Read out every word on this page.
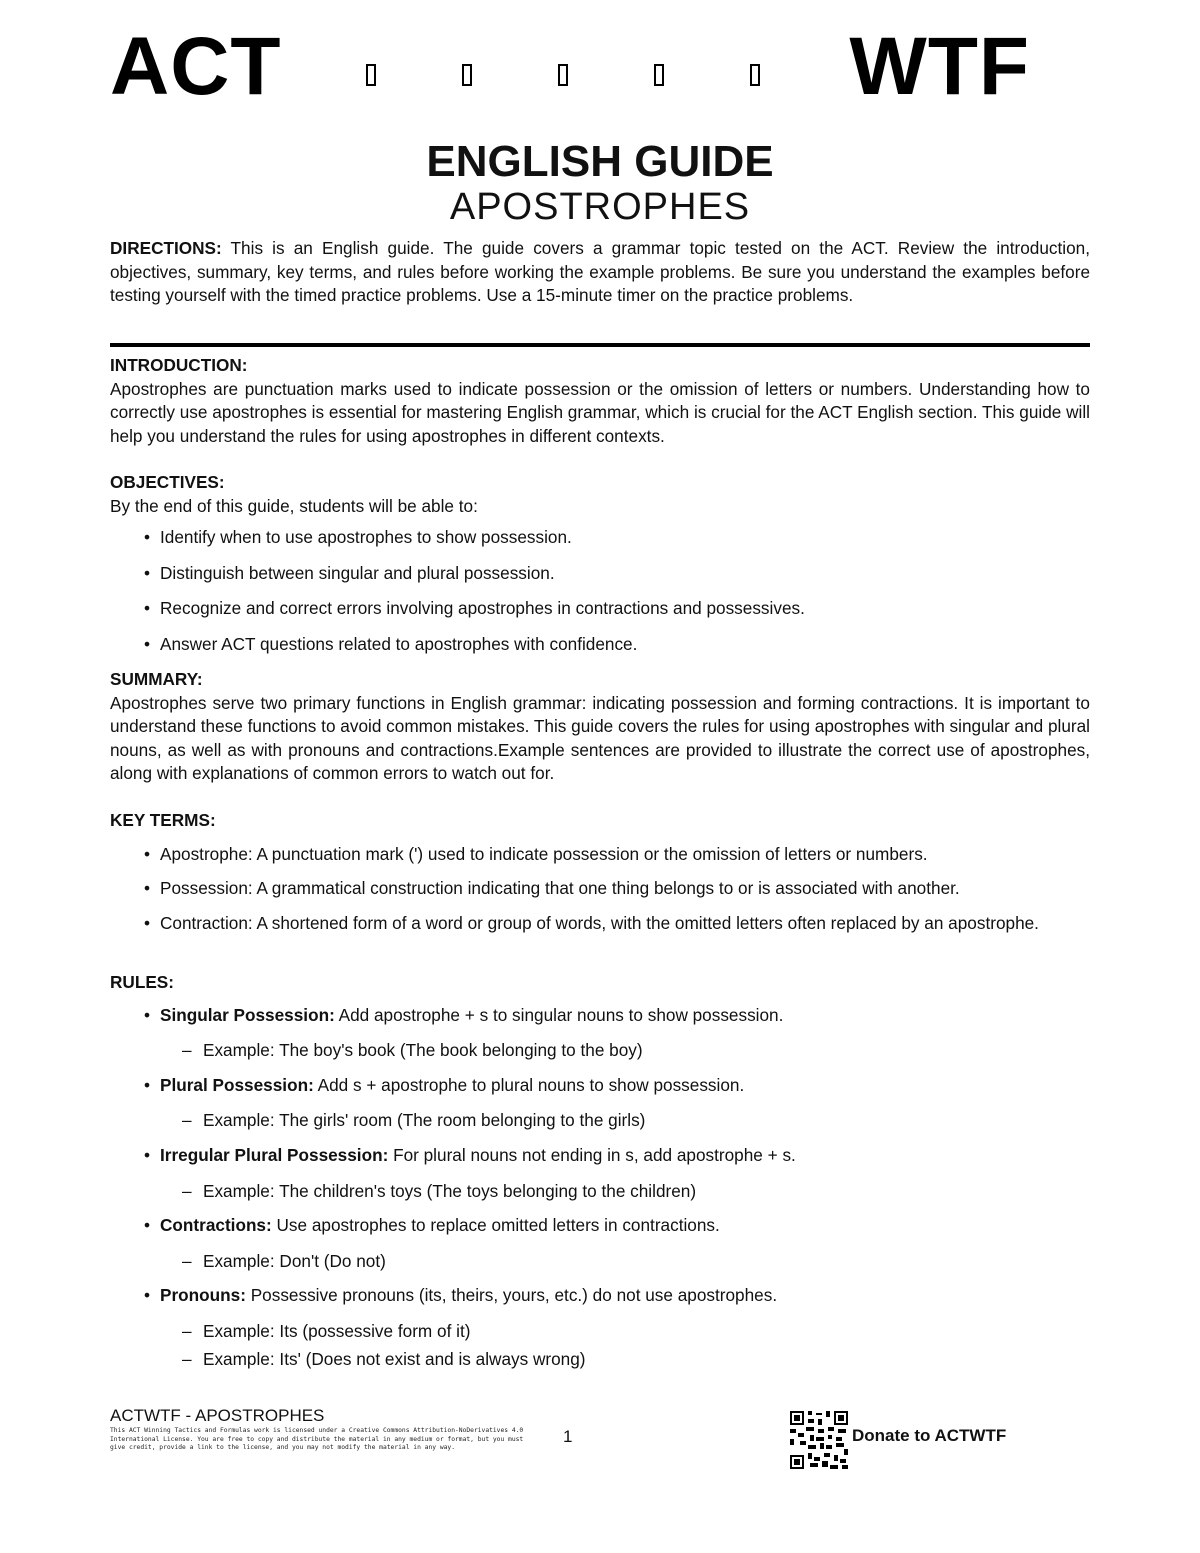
ACT	WTF
ENGLISH GUIDE
APOSTROPHES
DIRECTIONS: This is an English guide. The guide covers a grammar topic tested on the ACT. Review the introduction, objectives, summary, key terms, and rules before working the example problems. Be sure you understand the examples before testing yourself with the timed practice problems. Use a 15-minute timer on the practice problems.
INTRODUCTION:
Apostrophes are punctuation marks used to indicate possession or the omission of letters or numbers. Understanding how to correctly use apostrophes is essential for mastering English grammar, which is crucial for the ACT English section. This guide will help you understand the rules for using apostrophes in different contexts.
OBJECTIVES:
By the end of this guide, students will be able to:
• Identify when to use apostrophes to show possession.
• Distinguish between singular and plural possession.
• Recognize and correct errors involving apostrophes in contractions and possessives.
• Answer ACT questions related to apostrophes with confidence.
SUMMARY:
Apostrophes serve two primary functions in English grammar: indicating possession and forming contractions. It is important to understand these functions to avoid common mistakes. This guide covers the rules for using apostrophes with singular and plural nouns, as well as with pronouns and contractions.Example sentences are provided to illustrate the correct use of apostrophes, along with explanations of common errors to watch out for.
KEY TERMS:
• Apostrophe: A punctuation mark (') used to indicate possession or the omission of letters or numbers.
• Possession: A grammatical construction indicating that one thing belongs to or is associated with another.
• Contraction: A shortened form of a word or group of words, with the omitted letters often replaced by an apostrophe.
RULES:
• Singular Possession: Add apostrophe + s to singular nouns to show possession.
– Example: The boy's book (The book belonging to the boy)
• Plural Possession: Add s + apostrophe to plural nouns to show possession.
– Example: The girls' room (The room belonging to the girls)
• Irregular Plural Possession: For plural nouns not ending in s, add apostrophe + s.
– Example: The children's toys (The toys belonging to the children)
• Contractions: Use apostrophes to replace omitted letters in contractions.
– Example: Don't (Do not)
• Pronouns: Possessive pronouns (its, theirs, yours, etc.) do not use apostrophes.
– Example: Its (possessive form of it)
– Example: Its' (Does not exist and is always wrong)
ACTWTF - APOSTROPHES
This ACT Winning Tactics and Formulas work is licensed under a Creative Commons Attribution-NoDerivatives 4.0 International License. You are free to copy and distribute the material in any medium or format, but you must give credit, provide a link to the license, and you may not modify the material in any way.
1	Donate to ACTWTF
